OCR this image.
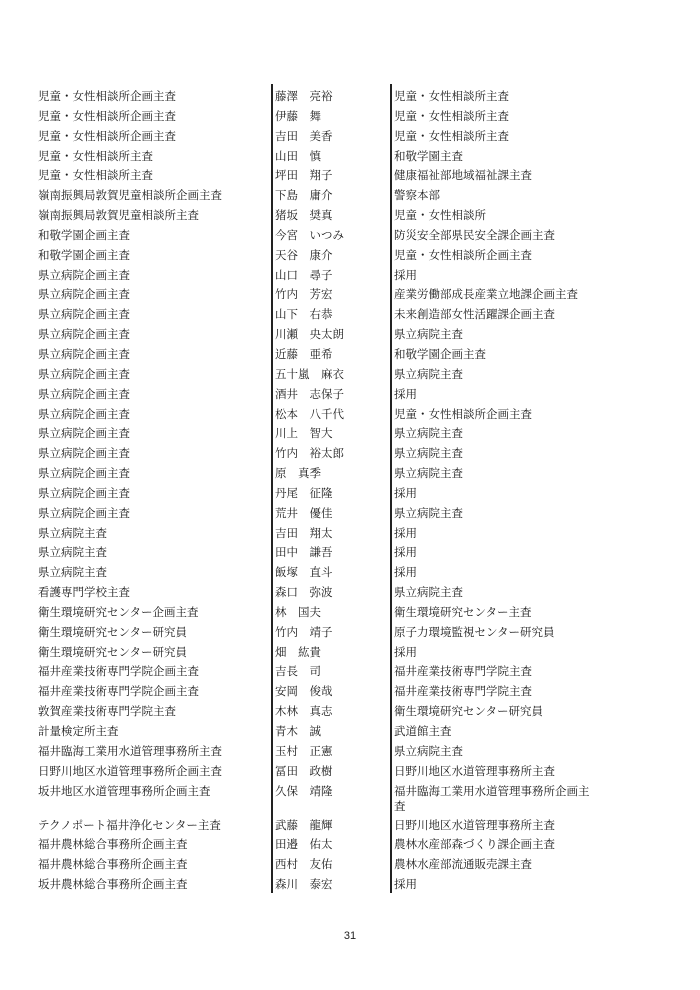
児童・女性相談所企画主査	藤澤　亮裕	児童・女性相談所主査
児童・女性相談所企画主査	伊藤　舞	児童・女性相談所主査
児童・女性相談所企画主査	吉田　美香	児童・女性相談所主査
児童・女性相談所主査	山田　慎	和敬学園主査
児童・女性相談所主査	坪田　翔子	健康福祉部地域福祉課主査
嶺南振興局敦賀児童相談所企画主査	下島　庸介	警察本部
嶺南振興局敦賀児童相談所主査	猪坂　奨真	児童・女性相談所
和敬学園企画主査	今宮　いつみ	防災安全部県民安全課企画主査
和敬学園企画主査	天谷　康介	児童・女性相談所企画主査
県立病院企画主査	山口　尋子	採用
県立病院企画主査	竹内　芳宏	産業労働部成長産業立地課企画主査
県立病院企画主査	山下　右恭	未来創造部女性活躍課企画主査
県立病院企画主査	川瀬　央太朗	県立病院主査
県立病院企画主査	近藤　亜希	和敬学園企画主査
県立病院企画主査	五十嵐　麻衣	県立病院主査
県立病院企画主査	酒井　志保子	採用
県立病院企画主査	松本　八千代	児童・女性相談所企画主査
県立病院企画主査	川上　智大	県立病院主査
県立病院企画主査	竹内　裕太郎	県立病院主査
県立病院企画主査	原　真季	県立病院主査
県立病院企画主査	丹尾　征隆	採用
県立病院企画主査	荒井　優佳	県立病院主査
県立病院主査	吉田　翔太	採用
県立病院主査	田中　謙吾	採用
県立病院主査	飯塚　直斗	採用
看護専門学校主査	森口　弥波	県立病院主査
衛生環境研究センター企画主査	林　国夫	衛生環境研究センター主査
衛生環境研究センター研究員	竹内　靖子	原子力環境監視センター研究員
衛生環境研究センター研究員	畑　紘貴	採用
福井産業技術専門学院企画主査	吉長　司	福井産業技術専門学院主査
福井産業技術専門学院企画主査	安岡　俊哉	福井産業技術専門学院主査
敦賀産業技術専門学院主査	木林　真志	衛生環境研究センター研究員
計量検定所主査	青木　誠	武道館主査
福井臨海工業用水道管理事務所主査	玉村　正憲	県立病院主査
日野川地区水道管理事務所企画主査	冨田　政樹	日野川地区水道管理事務所主査
坂井地区水道管理事務所企画主査	久保　靖隆	福井臨海工業用水道管理事務所企画主査
テクノポート福井浄化センター主査	武藤　龍輝	日野川地区水道管理事務所主査
福井農林総合事務所企画主査	田邉　佑太	農林水産部森づくり課企画主査
福井農林総合事務所企画主査	西村　友佑	農林水産部流通販売課主査
坂井農林総合事務所企画主査	森川　泰宏	採用
31
